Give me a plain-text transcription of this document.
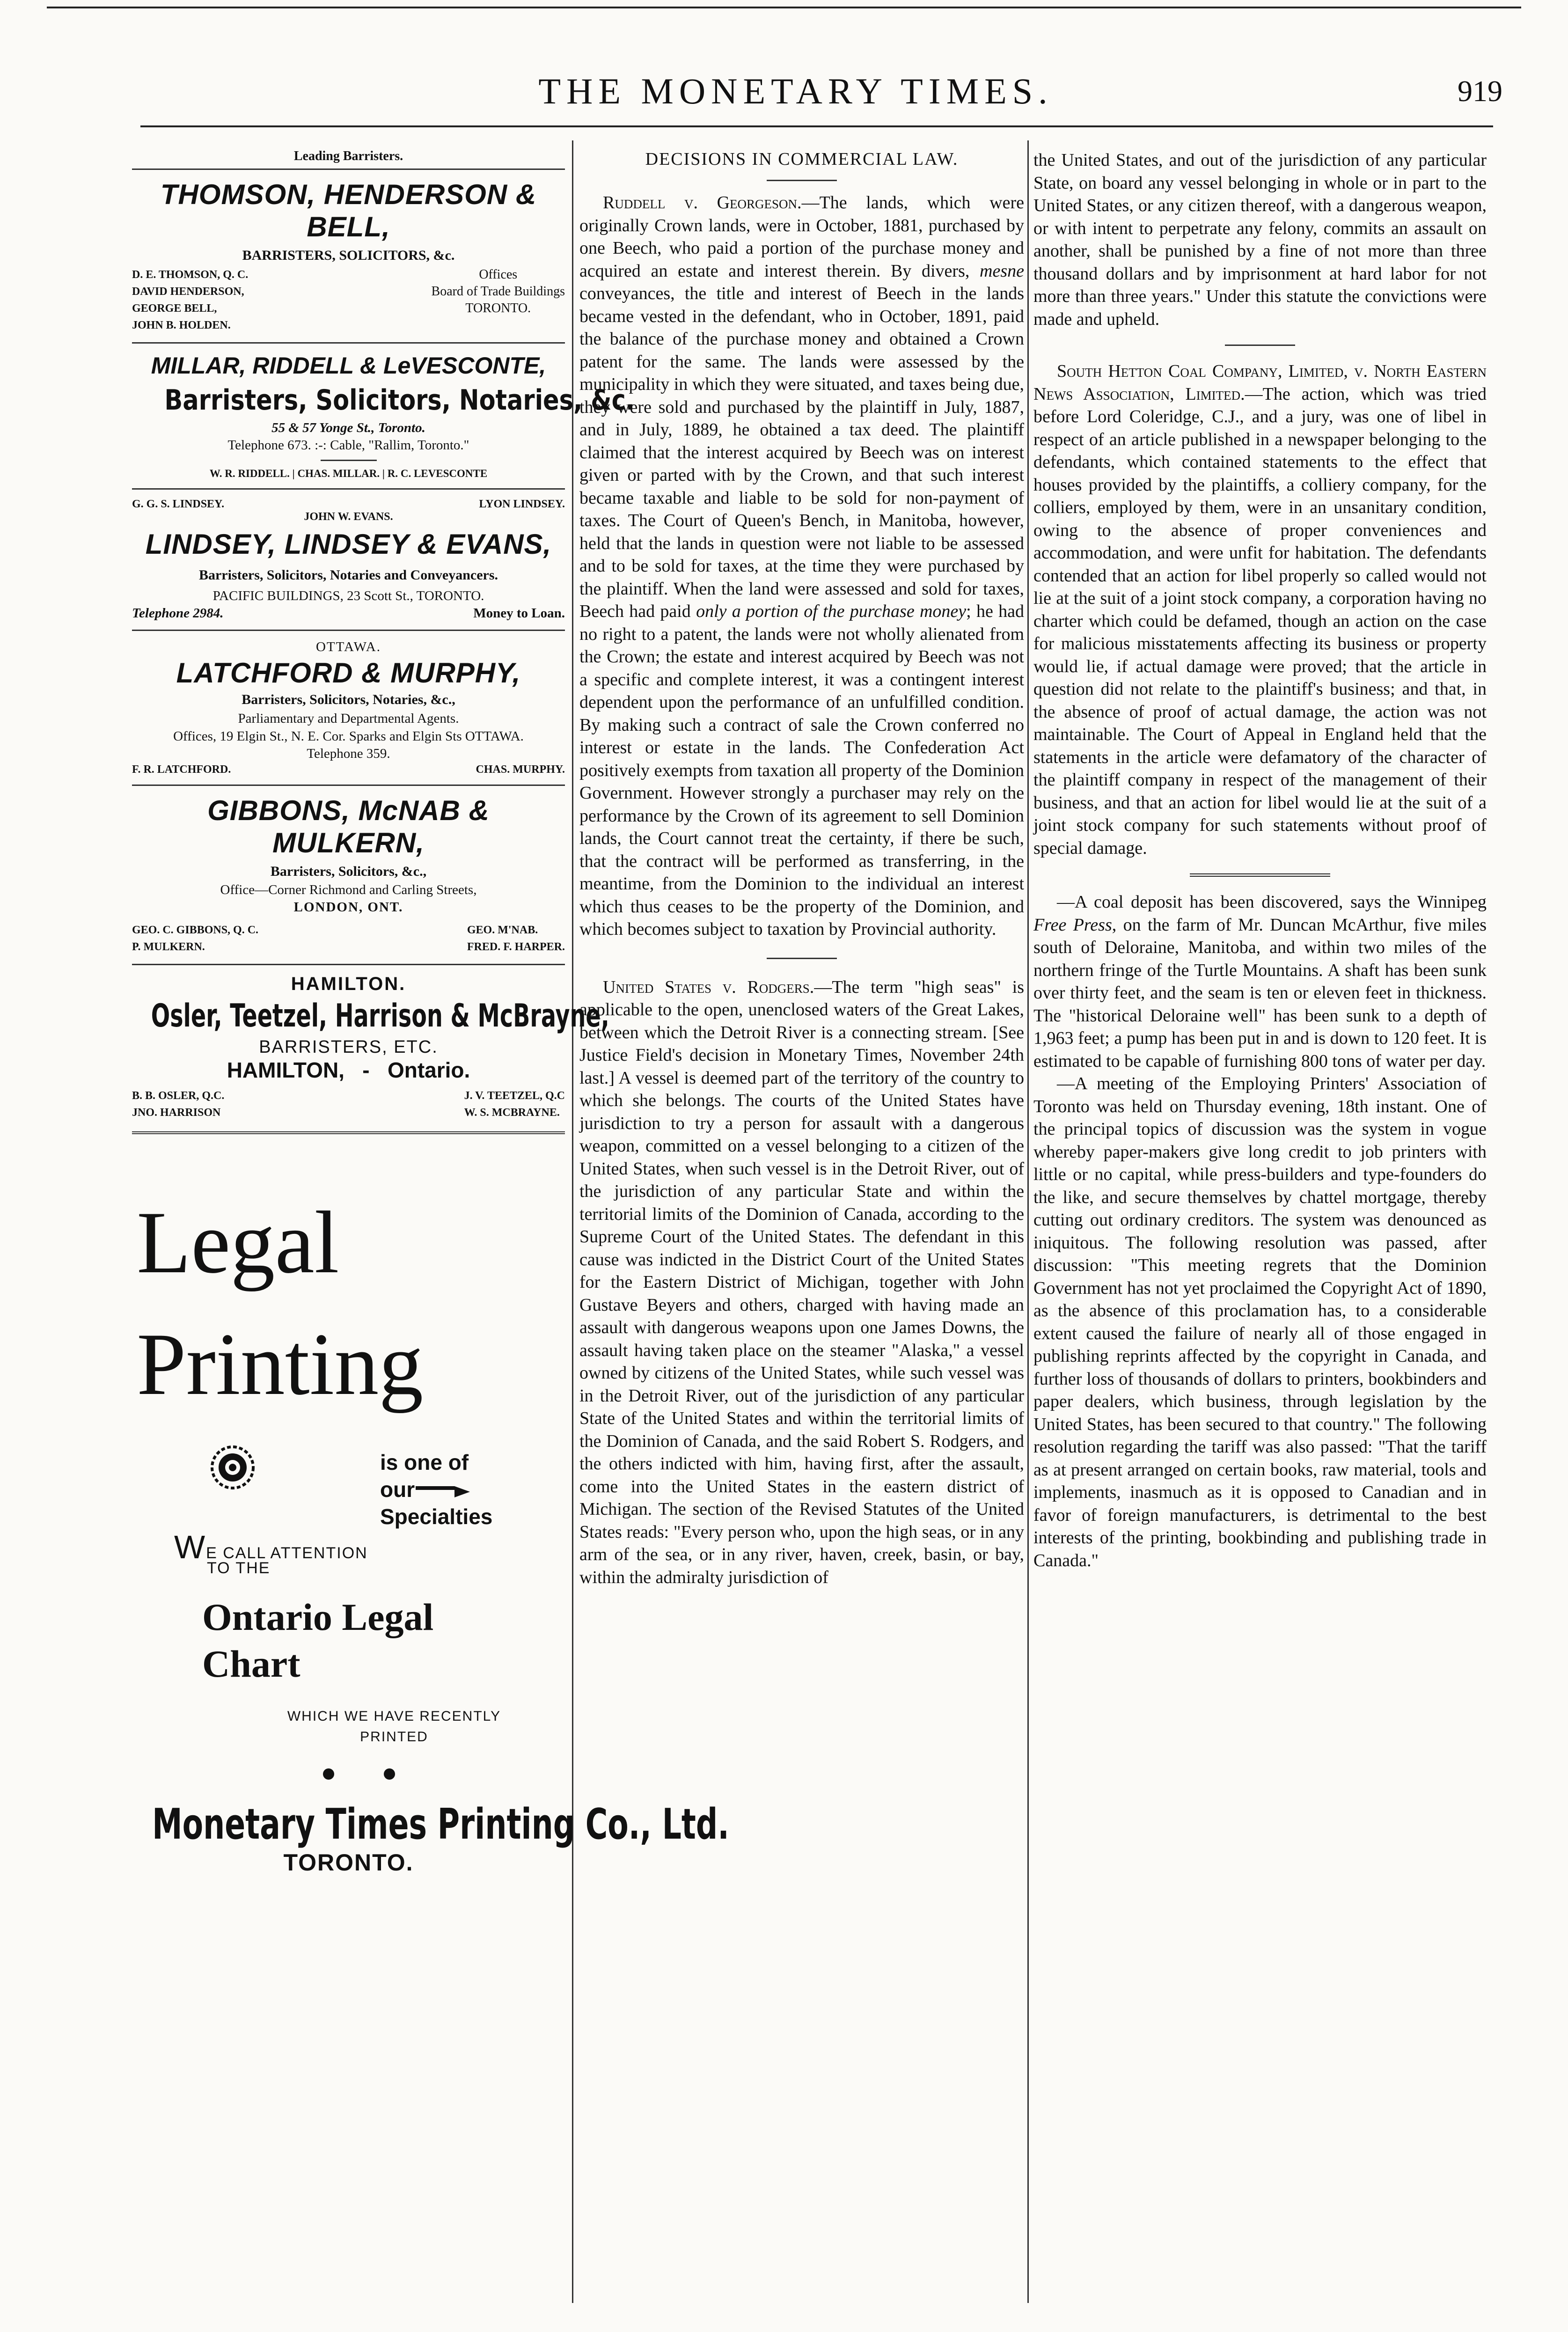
THE MONETARY TIMES.	919
Leading Barristers.
THOMSON, HENDERSON & BELL,
BARRISTERS, SOLICITORS, &c.
D. E. THOMSON, Q. C.
DAVID HENDERSON,
GEORGE BELL,
JOHN B. HOLDEN.
Offices
Board of Trade Buildings
TORONTO.
MILLAR, RIDDELL & LeVESCONTE,
Barristers, Solicitors, Notaries, &c.
55 & 57 Yonge St., Toronto.
Telephone 673. :-: Cable, "Rallim, Toronto."
W. R. RIDDELL. | CHAS. MILLAR. | R. C. LEVESCONTE
G. G. S. LINDSEY.	LYON LINDSEY.
JOHN W. EVANS.
LINDSEY, LINDSEY & EVANS,
Barristers, Solicitors, Notaries and Conveyancers.
PACIFIC BUILDINGS, 23 Scott St., TORONTO.
Telephone 2984.	Money to Loan.
OTTAWA.
LATCHFORD & MURPHY,
Barristers, Solicitors, Notaries, &c.,
Parliamentary and Departmental Agents.
Offices, 19 Elgin St., N. E. Cor. Sparks and Elgin Sts OTTAWA.
Telephone 359.
F. R. LATCHFORD.	CHAS. MURPHY.
GIBBONS, McNAB & MULKERN,
Barristers, Solicitors, &c.,
Office—Corner Richmond and Carling Streets,
LONDON, ONT.
GEO. C. GIBBONS, Q. C.
P. MULKERN.
GEO. M'NAB.
FRED. F. HARPER.
HAMILTON.
Osler, Teetzel, Harrison & McBrayne,
BARRISTERS, ETC.
HAMILTON,   -   Ontario.
B. B. OSLER, Q.C.
JNO. HARRISON
J. V. TEETZEL, Q.C
W. S. MCBRAYNE.
Legal
Printing
is one of
our
Specialties
WE CALL ATTENTION
TO THE
Ontario Legal
Chart
WHICH WE HAVE RECENTLY
PRINTED
Monetary Times Printing Co., Ltd.
TORONTO.
DECISIONS IN COMMERCIAL LAW.

Ruddell v. Georgeson.—The lands, which were originally Crown lands, were in October, 1881, purchased by one Beech, who paid a portion of the purchase money and acquired an estate and interest therein. By divers, mesne conveyances, the title and interest of Beech in the lands became vested in the defendant, who in October, 1891, paid the balance of the purchase money and obtained a Crown patent for the same. The lands were assessed by the municipality in which they were situated, and taxes being due, they were sold and purchased by the plaintiff in July, 1887, and in July, 1889, he obtained a tax deed. The plaintiff claimed that the interest acquired by Beech was on interest given or parted with by the Crown, and that such interest became taxable and liable to be sold for non-payment of taxes. The Court of Queen's Bench, in Manitoba, however, held that the lands in question were not liable to be assessed and to be sold for taxes, at the time they were purchased by the plaintiff. When the land were assessed and sold for taxes, Beech had paid only a portion of the purchase money; he had no right to a patent, the lands were not wholly alienated from the Crown; the estate and interest acquired by Beech was not a specific and complete interest, it was a contingent interest dependent upon the performance of an unfulfilled condition. By making such a contract of sale the Crown conferred no interest or estate in the lands. The Confederation Act positively exempts from taxation all property of the Dominion Government. However strongly a purchaser may rely on the performance by the Crown of its agreement to sell Dominion lands, the Court cannot treat the certainty, if there be such, that the contract will be performed as transferring, in the meantime, from the Dominion to the individual an interest which thus ceases to be the property of the Dominion, and which becomes subject to taxation by Provincial authority.

United States v. Rodgers.—The term "high seas" is applicable to the open, unenclosed waters of the Great Lakes, between which the Detroit River is a connecting stream. [See Justice Field's decision in Monetary Times, November 24th last.] A vessel is deemed part of the territory of the country to which she belongs. The courts of the United States have jurisdiction to try a person for assault with a dangerous weapon, committed on a vessel belonging to a citizen of the United States, when such vessel is in the Detroit River, out of the jurisdiction of any particular State and within the territorial limits of the Dominion of Canada, according to the Supreme Court of the United States. The defendant in this cause was indicted in the District Court of the United States for the Eastern District of Michigan, together with John Gustave Beyers and others, charged with having made an assault with dangerous weapons upon one James Downs, the assault having taken place on the steamer "Alaska," a vessel owned by citizens of the United States, while such vessel was in the Detroit River, out of the jurisdiction of any particular State of the United States and within the territorial limits of the Dominion of Canada, and the said Robert S. Rodgers, and the others indicted with him, having first, after the assault, come into the United States in the eastern district of Michigan. The section of the Revised Statutes of the United States reads: "Every person who, upon the high seas, or in any arm of the sea, or in any river, haven, creek, basin, or bay, within the admiralty jurisdiction of

the United States, and out of the jurisdiction of any particular State, on board any vessel belonging in whole or in part to the United States, or any citizen thereof, with a dangerous weapon, or with intent to perpetrate any felony, commits an assault on another, shall be punished by a fine of not more than three thousand dollars and by imprisonment at hard labor for not more than three years." Under this statute the convictions were made and upheld.

South Hetton Coal Company, Limited, v. North Eastern News Association, Limited.—The action, which was tried before Lord Coleridge, C.J., and a jury, was one of libel in respect of an article published in a newspaper belonging to the defendants, which contained statements to the effect that houses provided by the plaintiffs, a colliery company, for the colliers, employed by them, were in an unsanitary condition, owing to the absence of proper conveniences and accommodation, and were unfit for habitation. The defendants contended that an action for libel properly so called would not lie at the suit of a joint stock company, a corporation having no charter which could be defamed, though an action on the case for malicious misstatements affecting its business or property would lie, if actual damage were proved; that the article in question did not relate to the plaintiff's business; and that, in the absence of proof of actual damage, the action was not maintainable. The Court of Appeal in England held that the statements in the article were defamatory of the character of the plaintiff company in respect of the management of their business, and that an action for libel would lie at the suit of a joint stock company for such statements without proof of special damage.

—A coal deposit has been discovered, says the Winnipeg Free Press, on the farm of Mr. Duncan McArthur, five miles south of Deloraine, Manitoba, and within two miles of the northern fringe of the Turtle Mountains. A shaft has been sunk over thirty feet, and the seam is ten or eleven feet in thickness. The "historical Deloraine well" has been sunk to a depth of 1,963 feet; a pump has been put in and is down to 120 feet. It is estimated to be capable of furnishing 800 tons of water per day.

—A meeting of the Employing Printers' Association of Toronto was held on Thursday evening, 18th instant. One of the principal topics of discussion was the system in vogue whereby paper-makers give long credit to job printers with little or no capital, while press-builders and type-founders do the like, and secure themselves by chattel mortgage, thereby cutting out ordinary creditors. The system was denounced as iniquitous. The following resolution was passed, after discussion: "This meeting regrets that the Dominion Government has not yet proclaimed the Copyright Act of 1890, as the absence of this proclamation has, to a considerable extent caused the failure of nearly all of those engaged in publishing reprints affected by the copyright in Canada, and further loss of thousands of dollars to printers, bookbinders and paper dealers, which business, through legislation by the United States, has been secured to that country." The following resolution regarding the tariff was also passed: "That the tariff as at present arranged on certain books, raw material, tools and implements, inasmuch as it is opposed to Canadian and in favor of foreign manufacturers, is detrimental to the best interests of the printing, bookbinding and publishing trade in Canada."
